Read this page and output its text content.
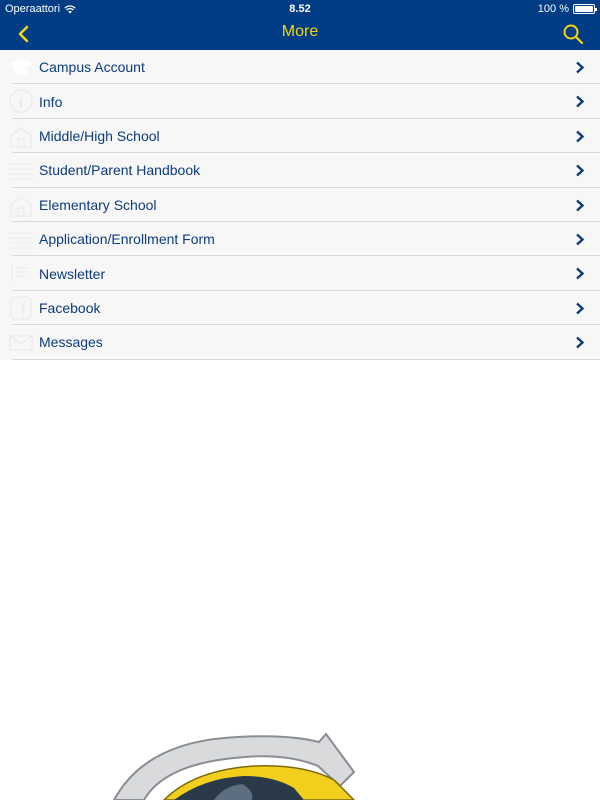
Operaattori	8.52	100 %
More
Campus Account
Info
Middle/High School
Student/Parent Handbook
Elementary School
Application/Enrollment Form
Newsletter
Facebook
Messages
